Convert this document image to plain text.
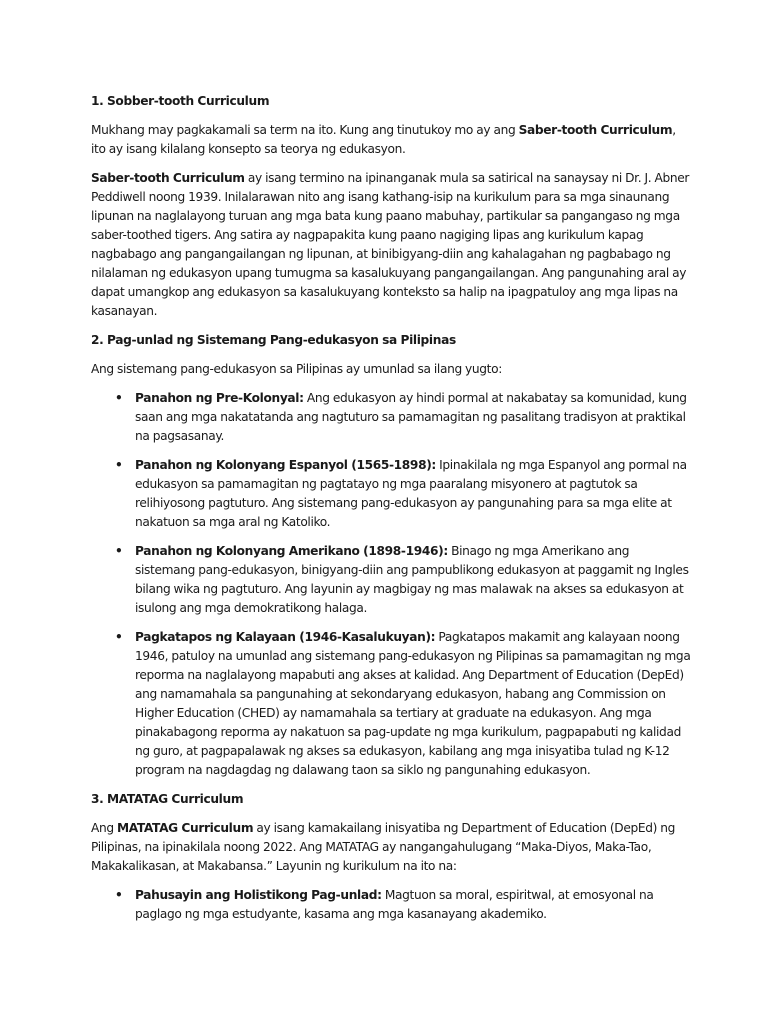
1. Sobber-tooth Curriculum

Mukhang may pagkakamali sa term na ito. Kung ang tinutukoy mo ay ang Saber-tooth Curriculum, ito ay isang kilalang konsepto sa teorya ng edukasyon.

Saber-tooth Curriculum ay isang termino na ipinanganak mula sa satirical na sanaysay ni Dr. J. Abner Peddiwell noong 1939. Inilalarawan nito ang isang kathang-isip na kurikulum para sa mga sinaunang lipunan na naglalayong turuan ang mga bata kung paano mabuhay, partikular sa pangangaso ng mga saber-toothed tigers. Ang satira ay nagpapakita kung paano nagiging lipas ang kurikulum kapag nagbabago ang pangangailangan ng lipunan, at binibigyang-diin ang kahalagahan ng pagbabago ng nilalaman ng edukasyon upang tumugma sa kasalukuyang pangangailangan. Ang pangunahing aral ay dapat umangkop ang edukasyon sa kasalukuyang konteksto sa halip na ipagpatuloy ang mga lipas na kasanayan.

2. Pag-unlad ng Sistemang Pang-edukasyon sa Pilipinas

Ang sistemang pang-edukasyon sa Pilipinas ay umunlad sa ilang yugto:

• Panahon ng Pre-Kolonyal: Ang edukasyon ay hindi pormal at nakabatay sa komunidad, kung saan ang mga nakatatanda ang nagtuturo sa pamamagitan ng pasalitang tradisyon at praktikal na pagsasanay.
• Panahon ng Kolonyang Espanyol (1565-1898): Ipinakilala ng mga Espanyol ang pormal na edukasyon sa pamamagitan ng pagtatayo ng mga paaralang misyonero at pagtutok sa relihiyosong pagtuturo. Ang sistemang pang-edukasyon ay pangunahing para sa mga elite at nakatuon sa mga aral ng Katoliko.
• Panahon ng Kolonyang Amerikano (1898-1946): Binago ng mga Amerikano ang sistemang pang-edukasyon, binigyang-diin ang pampublikong edukasyon at paggamit ng Ingles bilang wika ng pagtuturo. Ang layunin ay magbigay ng mas malawak na akses sa edukasyon at isulong ang mga demokratikong halaga.
• Pagkatapos ng Kalayaan (1946-Kasalukuyan): Pagkatapos makamit ang kalayaan noong 1946, patuloy na umunlad ang sistemang pang-edukasyon ng Pilipinas sa pamamagitan ng mga reporma na naglalayong mapabuti ang akses at kalidad. Ang Department of Education (DepEd) ang namamahala sa pangunahing at sekondaryang edukasyon, habang ang Commission on Higher Education (CHED) ay namamahala sa tertiary at graduate na edukasyon. Ang mga pinakabagong reporma ay nakatuon sa pag-update ng mga kurikulum, pagpapabuti ng kalidad ng guro, at pagpapalawak ng akses sa edukasyon, kabilang ang mga inisyatiba tulad ng K-12 program na nagdagdag ng dalawang taon sa siklo ng pangunahing edukasyon.
3. MATATAG Curriculum

Ang MATATAG Curriculum ay isang kamakailang inisyatiba ng Department of Education (DepEd) ng Pilipinas, na ipinakilala noong 2022. Ang MATATAG ay nangangahulugang “Maka-Diyos, Maka-Tao, Makakalikasan, at Makabansa.” Layunin ng kurikulum na ito na:

• Pahusayin ang Holistikong Pag-unlad: Magtuon sa moral, espiritwal, at emosyonal na paglago ng mga estudyante, kasama ang mga kasanayang akademiko.
